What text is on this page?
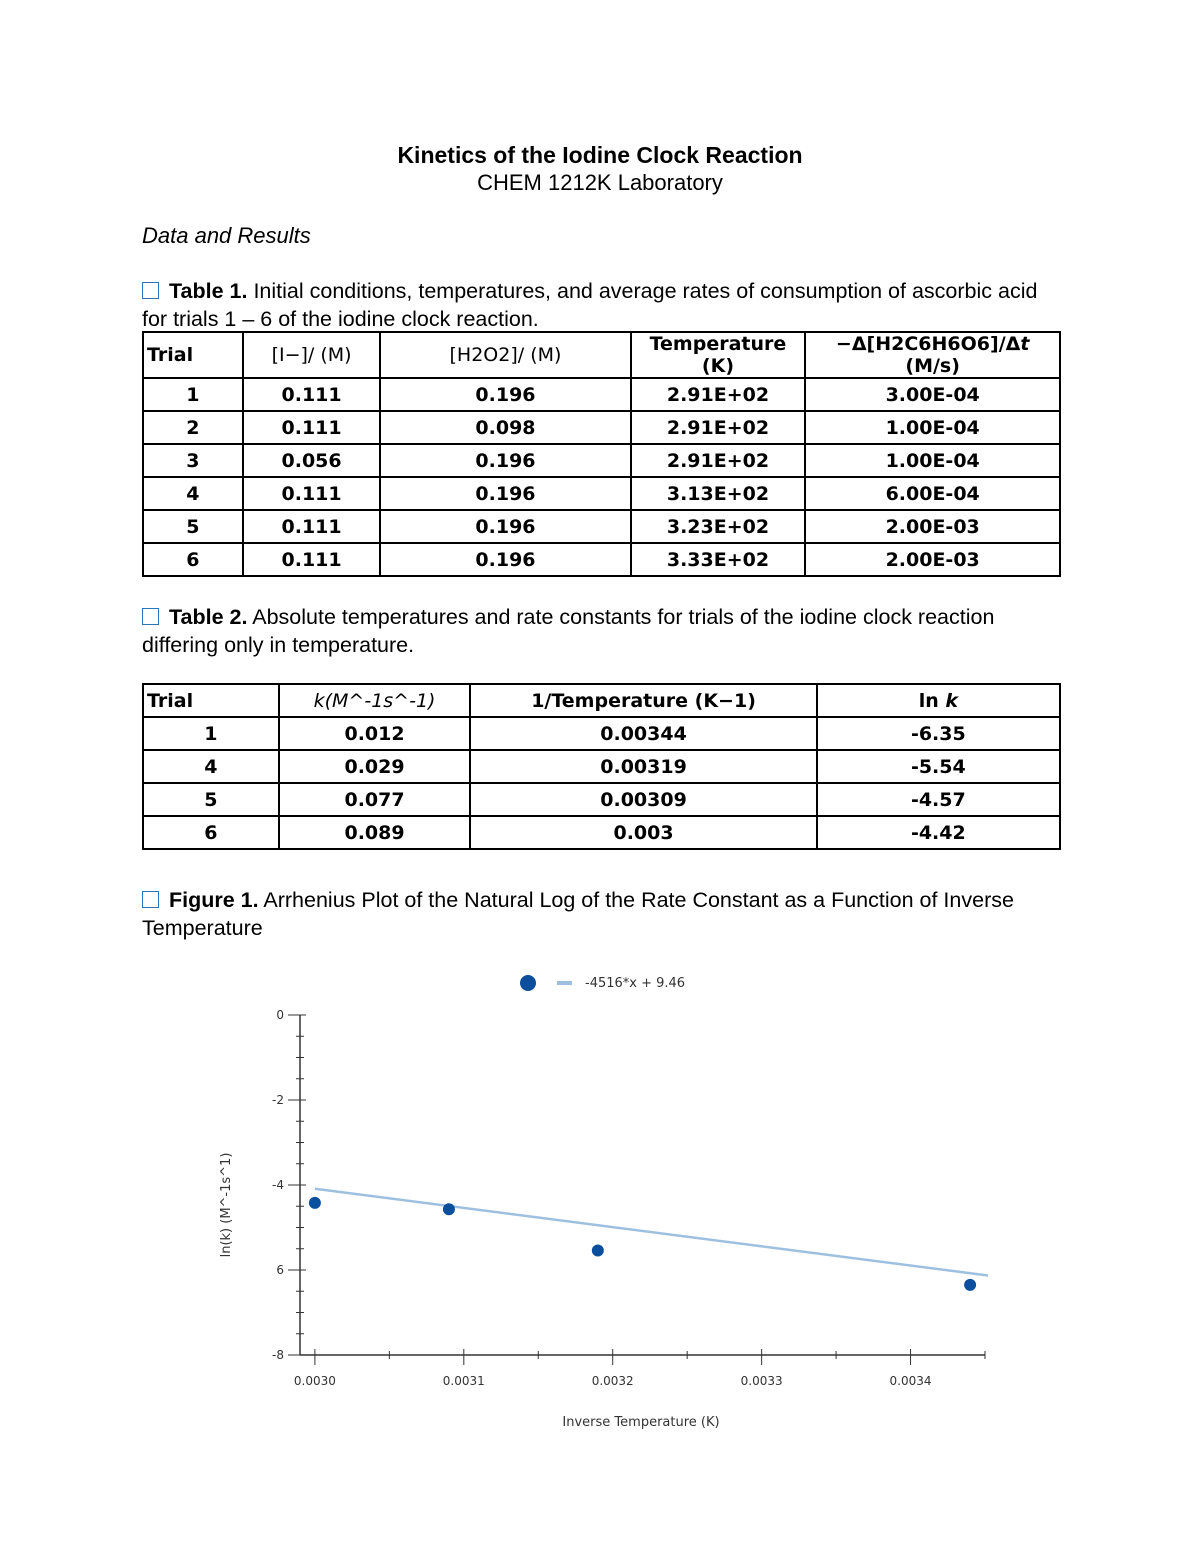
Kinetics of the Iodine Clock Reaction
CHEM 1212K Laboratory
Data and Results
Table 1. Initial conditions, temperatures, and average rates of consumption of ascorbic acid for trials 1 – 6 of the iodine clock reaction.
Trial	[I−]/ (M)	[H2O2]/ (M)	Temperature (K)	−Δ[H2C6H6O6]/Δt (M/s)
1	0.111	0.196	2.91E+02	3.00E-04
2	0.111	0.098	2.91E+02	1.00E-04
3	0.056	0.196	2.91E+02	1.00E-04
4	0.111	0.196	3.13E+02	6.00E-04
5	0.111	0.196	3.23E+02	2.00E-03
6	0.111	0.196	3.33E+02	2.00E-03
Table 2. Absolute temperatures and rate constants for trials of the iodine clock reaction differing only in temperature.
Trial	k(M^-1s^-1)	1/Temperature (K−1)	ln k
1	0.012	0.00344	-6.35
4	0.029	0.00319	-5.54
5	0.077	0.00309	-4.57
6	0.089	0.003	-4.42
Figure 1. Arrhenius Plot of the Natural Log of the Rate Constant as a Function of Inverse Temperature
-4516*x + 9.46
0
-2
-4
6
-8
0.0030	0.0031	0.0032	0.0033	0.0034
ln(k) (M^-1s^1)
Inverse Temperature (K)
